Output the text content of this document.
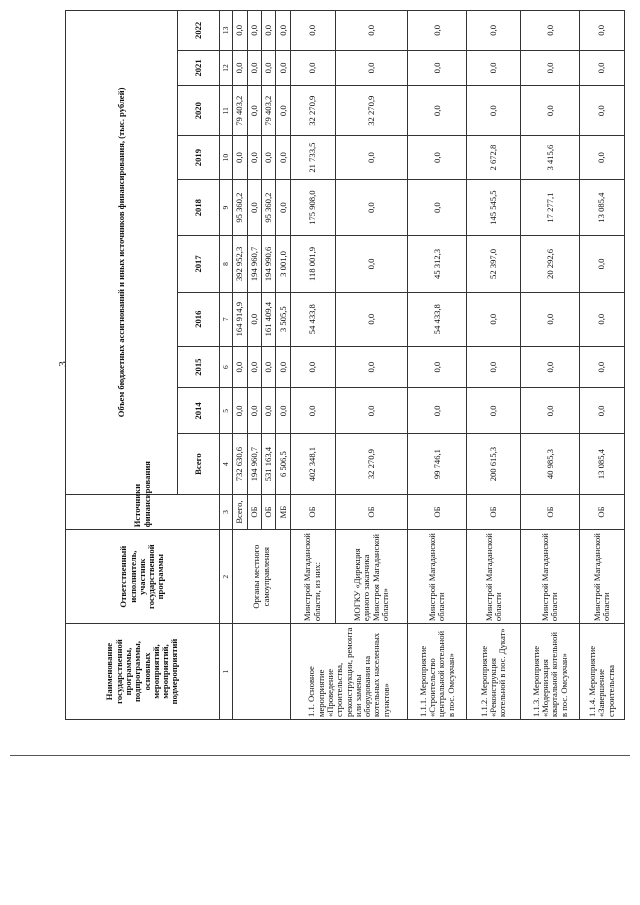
3
Наименование государственной программы, подпрограммы, основных мероприятий, мероприятий, подмероприятий	Ответственный исполнитель, участник государственной программы	Источники финансирования	Объем бюджетных ассигнований и иных источников финансирования, (тыс. рублей)									
			Всего	2014	2015	2016	2017	2018	2019	2020	2021	2022
1	2	3	4	5	6	7	8	9	10	11	12	13
	Органы местного самоуправления	Всего,	732 630,6	0,0	0,0	164 914,9	392 952,3	95 360,2	0,0	79 403,2	0,0	0,0
		ОБ	194 960,7	0,0	0,0	0,0	194 960,7	0,0	0,0	0,0	0,0	0,0
		ОБ	531 163,4	0,0	0,0	161 409,4	194 990,6	95 360,2	0,0	79 403,2	0,0	0,0
		МБ	6 506,5	0,0	0,0	3 505,5	3 001,0	0,0	0,0	0,0	0,0	0,0
1.1. Основное мероприятие «Проведение строительства, реконструкции, ремонта или замены оборудования на котельных населенных пунктов»	Минстрой Магаданской области, из них:	ОБ	402 348,1	0,0	0,0	54 433,8	118 001,9	175 908,0	21 733,5	32 270,9	0,0	0,0
	МОГКУ «Дирекция единого заказчика Минстроя Магаданской области»	ОБ	32 270,9	0,0	0,0	0,0	0,0	0,0	0,0	32 270,9	0,0	0,0
1.1.1. Мероприятие «Строительство центральной котельной в пос. Омсукчан»	Минстрой Магаданской области	ОБ	99 746,1	0,0	0,0	54 433,8	45 312,3	0,0	0,0	0,0	0,0	0,0
1.1.2. Мероприятие «Реконструкция котельной в пос. Дукат»	Минстрой Магаданской области	ОБ	200 615,3	0,0	0,0	0,0	52 397,0	145 545,5	2 672,8	0,0	0,0	0,0
1.1.3. Мероприятие «Модернизация квартальной котельной в пос. Омсукчан»	Минстрой Магаданской области	ОБ	40 985,3	0,0	0,0	0,0	20 292,6	17 277,1	3 415,6	0,0	0,0	0,0
1.1.4. Мероприятие «Завершение строительства	Минстрой Магаданской области	ОБ	13 085,4	0,0	0,0	0,0	0,0	13 085,4	0,0	0,0	0,0	0,0
